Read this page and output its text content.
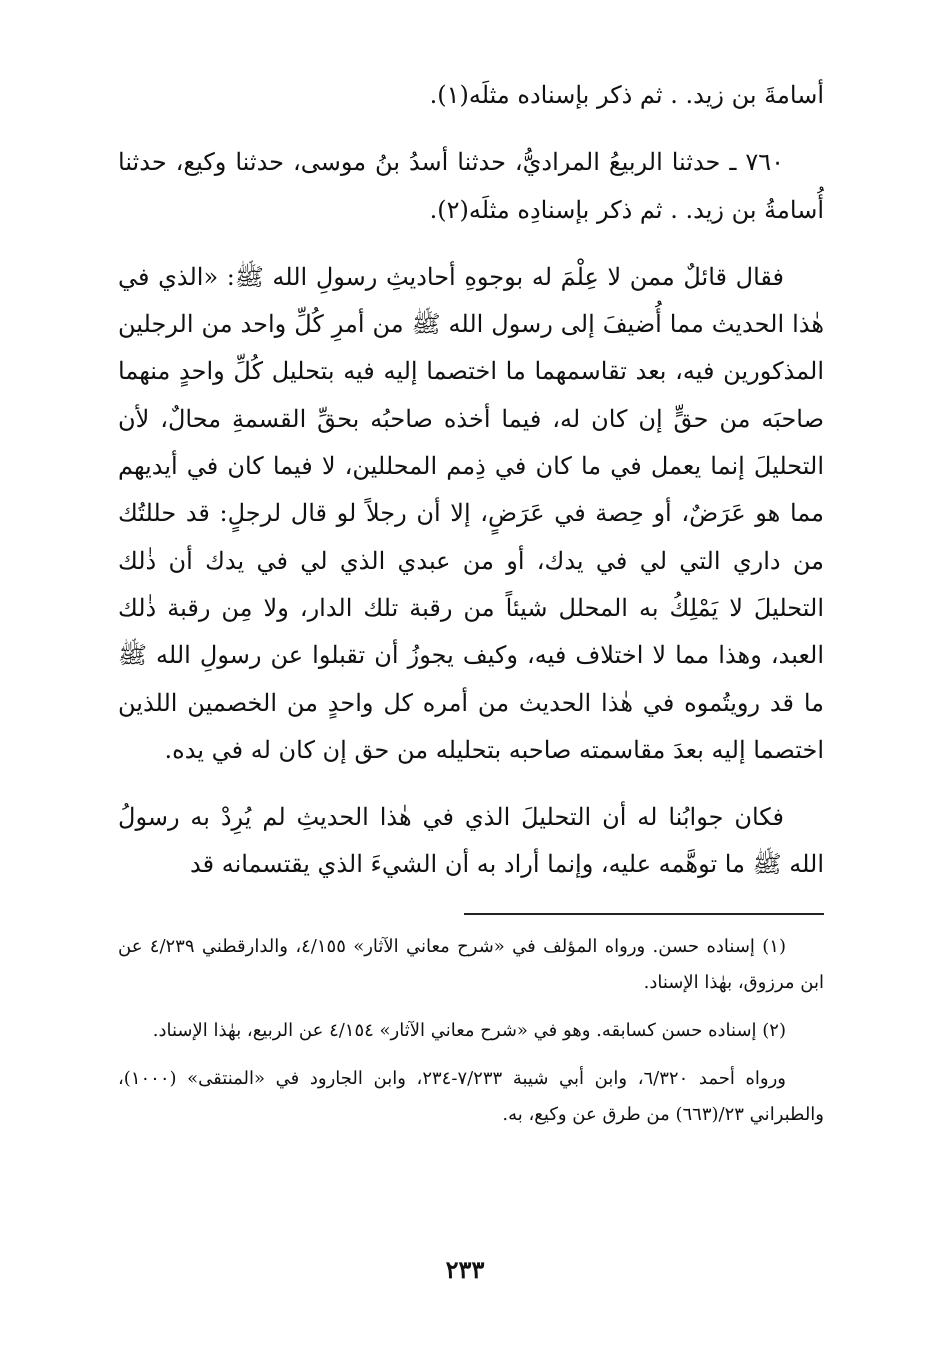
أسامةَ بن زيد. . ثم ذكر بإسناده مثلَه(١).

٧٦٠ ـ حدثنا الربيعُ المراديُّ، حدثنا أسدُ بنُ موسى، حدثنا وكيع، حدثنا أُسامةُ بن زيد. . ثم ذكر بإسنادِه مثلَه(٢).

فقال قائلٌ ممن لا عِلْمَ له بوجوهِ أحاديثِ رسولِ الله ﷺ: «الذي في هٰذا الحديث مما أُضيفَ إلى رسول الله ﷺ من أمرِ كُلِّ واحد من الرجلين المذكورين فيه، بعد تقاسمهما ما اختصما إليه فيه بتحليل كُلِّ واحدٍ منهما صاحبَه من حقٍّ إن كان له، فيما أخذه صاحبُه بحقِّ القسمةِ محالٌ، لأن التحليلَ إنما يعمل في ما كان في ذِمم المحللين، لا فيما كان في أيديهم مما هو عَرَضٌ، أو حِصة في عَرَضٍ، إلا أن رجلاً لو قال لرجلٍ: قد حللتُك من داري التي لي في يدك، أو من عبدي الذي لي في يدك أن ذٰلك التحليلَ لا يَمْلِكُ به المحلل شيئاً من رقبة تلك الدار، ولا مِن رقبة ذٰلك العبد، وهذا مما لا اختلاف فيه، وكيف يجوزُ أن تقبلوا عن رسولِ الله ﷺ ما قد رويتُموه في هٰذا الحديث من أمره كل واحدٍ من الخصمين اللذين اختصما إليه بعدَ مقاسمته صاحبه بتحليله من حق إن كان له في يده.

فكان جوابُنا له أن التحليلَ الذي في هٰذا الحديثِ لم يُرِدْ به رسولُ الله ﷺ ما توهَّمه عليه، وإنما أراد به أن الشيءَ الذي يقتسمانه قد

(١) إسناده حسن. ورواه المؤلف في «شرح معاني الآثار» ٤/١٥٥، والدارقطني ٤/٢٣٩ عن ابن مرزوق، بهٰذا الإسناد.

(٢) إسناده حسن كسابقه. وهو في «شرح معاني الآثار» ٤/١٥٤ عن الربيع، بهٰذا الإسناد.

ورواه أحمد ٦/٣٢٠، وابن أبي شيبة ٧/٢٣٣-٢٣٤، وابن الجارود في «المنتقى» (١٠٠٠)، والطبراني ٢٣/(٦٦٣) من طرق عن وكيع، به.

٢٣٣
